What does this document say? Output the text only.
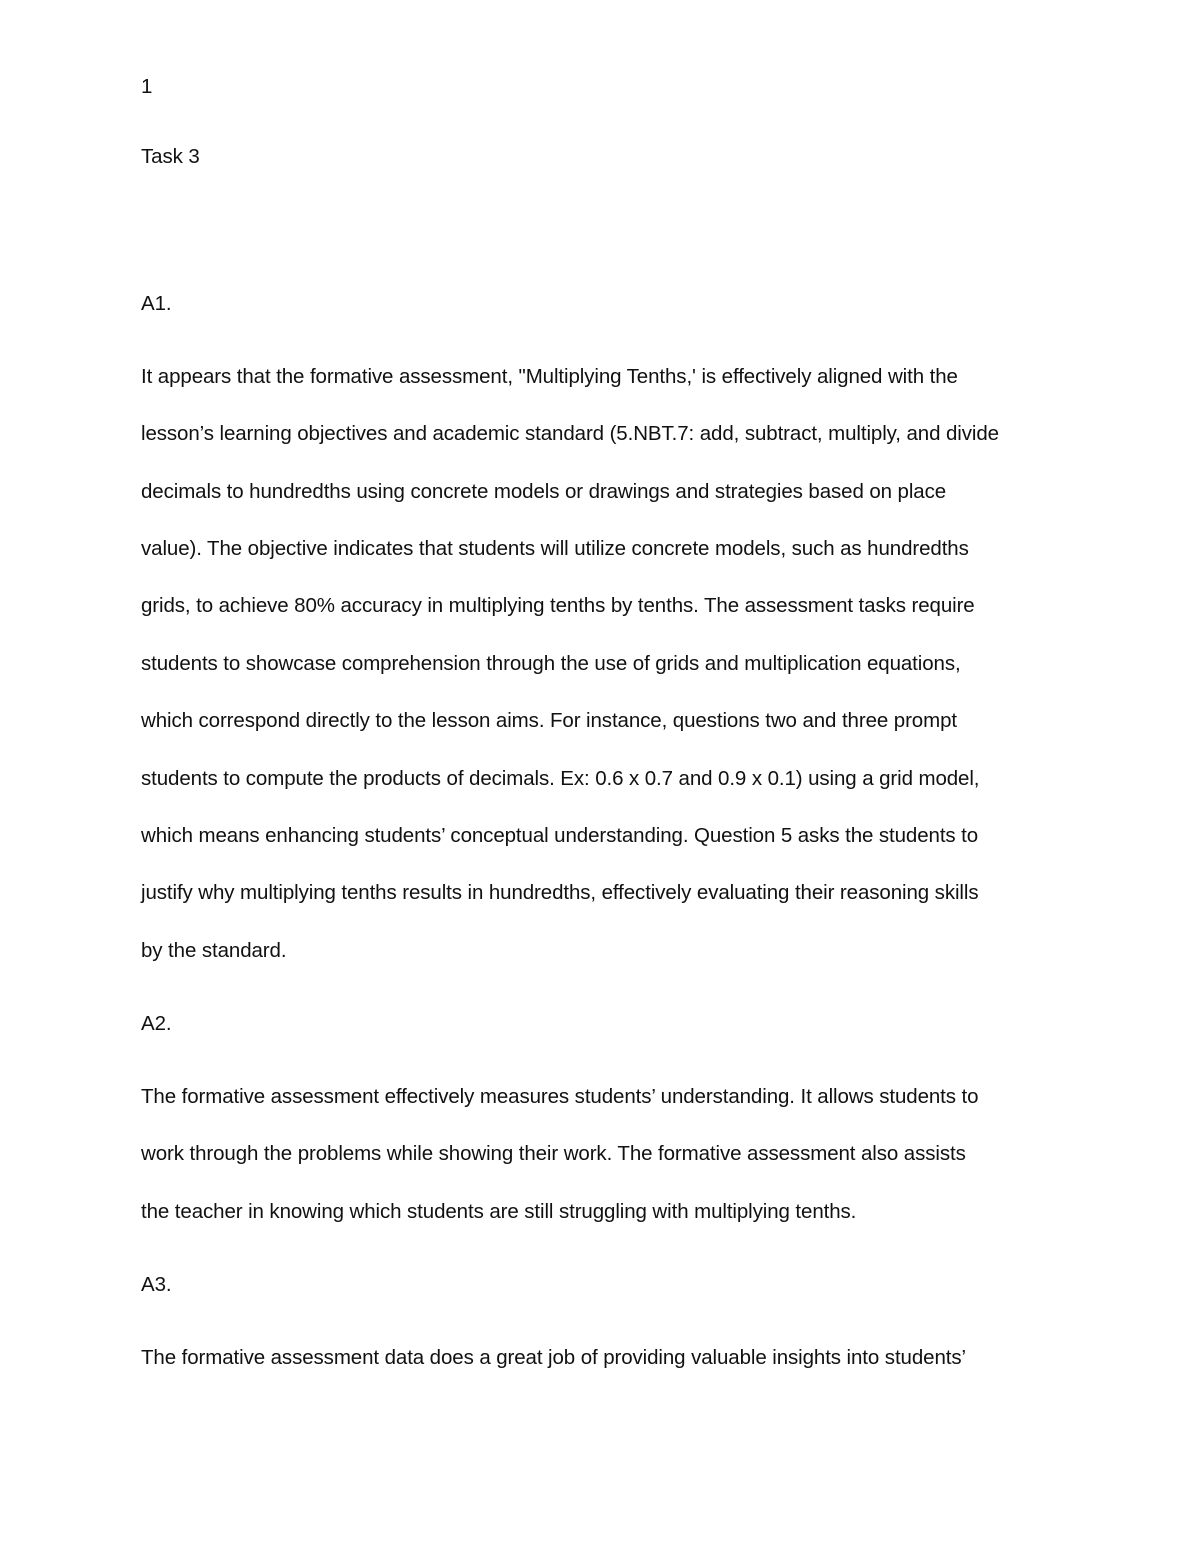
1
Task 3
A1.
It appears that the formative assessment, "Multiplying Tenths,' is effectively aligned with the
lesson’s learning objectives and academic standard (5.NBT.7: add, subtract, multiply, and divide
decimals to hundredths using concrete models or drawings and strategies based on place
value). The objective indicates that students will utilize concrete models, such as hundredths
grids, to achieve 80% accuracy in multiplying tenths by tenths. The assessment tasks require
students to showcase comprehension through the use of grids and multiplication equations,
which correspond directly to the lesson aims. For instance, questions two and three prompt
students to compute the products of decimals. Ex: 0.6 x 0.7 and 0.9 x 0.1) using a grid model,
which means enhancing students’ conceptual understanding. Question 5 asks the students to
justify why multiplying tenths results in hundredths, effectively evaluating their reasoning skills
by the standard.
A2.
The formative assessment effectively measures students’ understanding. It allows students to
work through the problems while showing their work. The formative assessment also assists
the teacher in knowing which students are still struggling with multiplying tenths.
A3.
The formative assessment data does a great job of providing valuable insights into students’
